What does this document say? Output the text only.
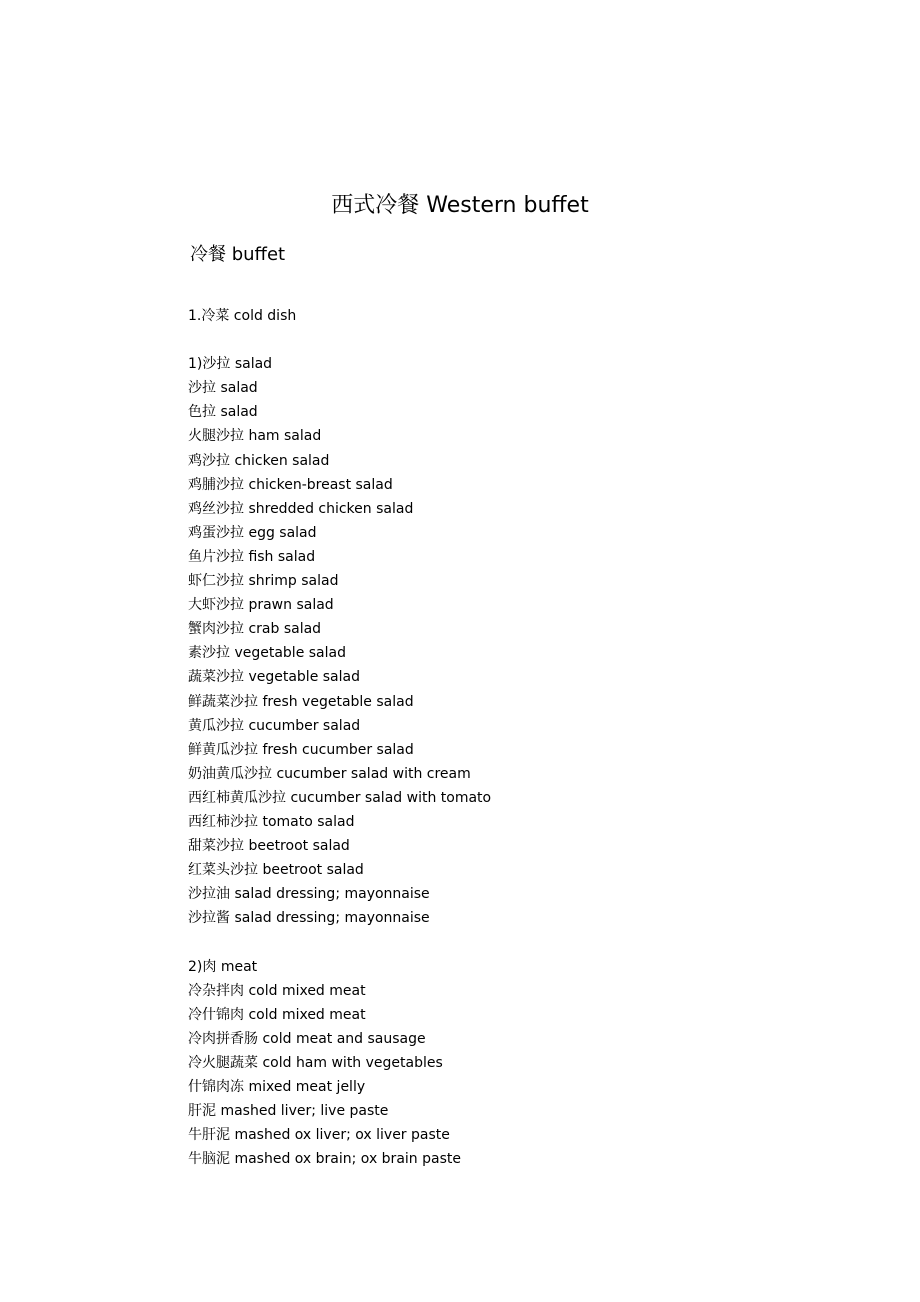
西式冷餐 Western buffet
冷餐 buffet
1.冷菜 cold dish
1)沙拉 salad
沙拉 salad
色拉 salad
火腿沙拉 ham salad
鸡沙拉 chicken salad
鸡脯沙拉 chicken-breast salad
鸡丝沙拉 shredded chicken salad
鸡蛋沙拉 egg salad
鱼片沙拉 fish salad
虾仁沙拉 shrimp salad
大虾沙拉 prawn salad
蟹肉沙拉 crab salad
素沙拉 vegetable salad
蔬菜沙拉 vegetable salad
鲜蔬菜沙拉 fresh vegetable salad
黄瓜沙拉 cucumber salad
鲜黄瓜沙拉 fresh cucumber salad
奶油黄瓜沙拉 cucumber salad with cream
西红柿黄瓜沙拉 cucumber salad with tomato
西红柿沙拉 tomato salad
甜菜沙拉 beetroot salad
红菜头沙拉 beetroot salad
沙拉油 salad dressing; mayonnaise
沙拉酱 salad dressing; mayonnaise
2)肉 meat
冷杂拌肉 cold mixed meat
冷什锦肉 cold mixed meat
冷肉拼香肠 cold meat and sausage
冷火腿蔬菜 cold ham with vegetables
什锦肉冻 mixed meat jelly
肝泥 mashed liver; live paste
牛肝泥 mashed ox liver; ox liver paste
牛脑泥 mashed ox brain; ox brain paste
